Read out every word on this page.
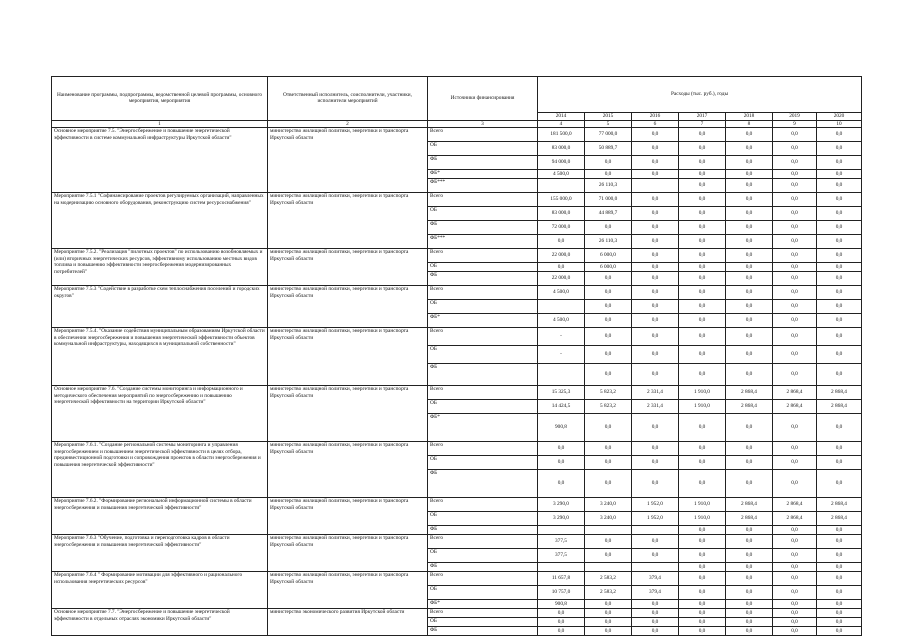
Наименование программы, подпрограммы, ведомственной целевой программы, основного мероприятия, мероприятия	Ответственный исполнитель, соисполнители, участники, исполнители мероприятий	Источники финансирования	Расходы (тыс. руб.), годы						
			2014	2015	2016	2017	2018	2019	2020
1	2	3	4	5	6	7	8	9	10
Основное мероприятие 7.5. "Энергосбережение и повышение энергетической эффективности в системе коммунальной инфраструктуры Иркутской области"	министерство жилищной политики, энергетики и транспорта Иркутской области	Всего	181 500,0	77 000,0	0,0	0,0	0,0	0,0	0,0
		ОБ	83 000,0	50 889,7	0,0	0,0	0,0	0,0	0,0
		ФБ	94 000,0	0,0	0,0	0,0	0,0	0,0	0,0
		ФБ*	4 500,0	0,0	0,0	0,0	0,0	0,0	0,0
		ФБ***		26 110,3		0,0	0,0	0,0	0,0
Мероприятие 7.5.1 "Софинансирование проектов регулируемых организаций, направленных на модернизацию основного оборудования, реконструкцию систем ресурсоснабжения"	министерство жилищной политики, энергетики и транспорта Иркутской области	Всего	155 000,0	71 000,0	0,0	0,0	0,0	0,0	0,0
		ОБ	83 000,0	44 889,7	0,0	0,0	0,0	0,0	0,0
		ФБ	72 000,0	0,0	0,0	0,0	0,0	0,0	0,0
		ФБ***	0,0	26 110,3	0,0	0,0	0,0	0,0	0,0
Мероприятие 7.5.2. "Реализация "пилотных проектов" по использованию возобновляемых и (или) вторичных энергетических ресурсов, эффективному использованию местных видов топлива и повышению эффективности энергосбережения модернизированных потребителей"	министерство жилищной политики, энергетики и транспорта Иркутской области	Всего	22 000,0	6 000,0	0,0	0,0	0,0	0,0	0,0
		ОБ	0,0	6 000,0	0,0	0,0	0,0	0,0	0,0
		ФБ	22 000,0	0,0	0,0	0,0	0,0	0,0	0,0
Мероприятие 7.5.3 "Содействие в разработке схем теплоснабжения поселений и городских округов"	министерство жилищной политики, энергетики и транспорта Иркутской области	Всего	4 500,0	0,0	0,0	0,0	0,0	0,0	0,0
		ОБ		0,0	0,0	0,0	0,0	0,0	0,0
		ФБ*	4 500,0	0,0	0,0	0,0	0,0	0,0	0,0
Мероприятие 7.5.4. "Оказание содействия муниципальным образованиям Иркутской области в обеспечении энергосбережения и повышения энергетической эффективности объектов коммунальной инфраструктуры, находящихся в муниципальной собственности"	министерство жилищной политики, энергетики и транспорта Иркутской области	Всего	-	0,0	0,0	0,0	0,0	0,0	0,0
		ОБ	-	0,0	0,0	0,0	0,0	0,0	0,0
		ФБ		0,0	0,0	0,0	0,0	0,0	0,0
Основное мероприятие 7.6. "Создание системы мониторинга и информационного и методического обеспечения мероприятий по энергосбережению и повышению энергетической эффективности на территории Иркутской области"	министерство жилищной политики, энергетики и транспорта Иркутской области	Всего	15 325,3	5 823,2	2 331,4	1 910,0	2 868,4	2 868,4	2 868,4
		ОБ	14 424,5	5 823,2	2 331,4	1 910,0	2 868,4	2 868,4	2 868,4
		ФБ*	900,8	0,0	0,0	0,0	0,0	0,0	0,0
Мероприятие 7.6.1. "Создание региональной системы мониторинга и управления энергосбережением и повышением энергетической эффективности в целях отбора, прединвестиционной подготовки и сопровождения проектов в области энергосбережения и повышения энергетической эффективности"	министерство жилищной политики, энергетики и транспорта Иркутской области	Всего	0,0	0,0	0,0	0,0	0,0	0,0	0,0
		ОБ	0,0	0,0	0,0	0,0	0,0	0,0	0,0
		ФБ	0,0	0,0	0,0	0,0	0,0	0,0	0,0
Мероприятие 7.6.2. "Формирование региональной информационной системы в области энергосбережения и повышения энергетической эффективности"	министерство жилищной политики, энергетики и транспорта Иркутской области	Всего	3 290,0	3 240,0	1 952,0	1 910,0	2 868,4	2 868,4	2 868,4
		ОБ	3 290,0	3 240,0	1 952,0	1 910,0	2 868,4	2 868,4	2 868,4
		ФБ				0,0	0,0	0,0	0,0
Мероприятие 7.6.3 "Обучение, подготовка и переподготовка кадров в области энергосбережения и повышения энергетической эффективности"	министерство жилищной политики, энергетики и транспорта Иркутской области	Всего	377,5	0,0	0,0	0,0	0,0	0,0	0,0
		ОБ	377,5	0,0	0,0	0,0	0,0	0,0	0,0
		ФБ				0,0	0,0	0,0	0,0
Мероприятие 7.6.4 " Формирование мотивации для эффективного и рационального использования энергетических ресурсов"	министерство жилищной политики, энергетики и транспорта Иркутской области	Всего	11 657,8	2 583,2	379,4	0,0	0,0	0,0	0,0
		ОБ	10 757,0	2 583,2	379,4	0,0	0,0	0,0	0,0
		ФБ*	900,8	0,0	0,0	0,0	0,0	0,0	0,0
Основное мероприятие 7.7. "Энергосбережение и повышение энергетической эффективности в отдельных отраслях экономики Иркутской области"	министерство экономического развития Иркутской области	Всего	0,0	0,0	0,0	0,0	0,0	0,0	0,0
		ОБ	0,0	0,0	0,0	0,0	0,0	0,0	0,0
		ФБ	0,0	0,0	0,0	0,0	0,0	0,0	0,0
